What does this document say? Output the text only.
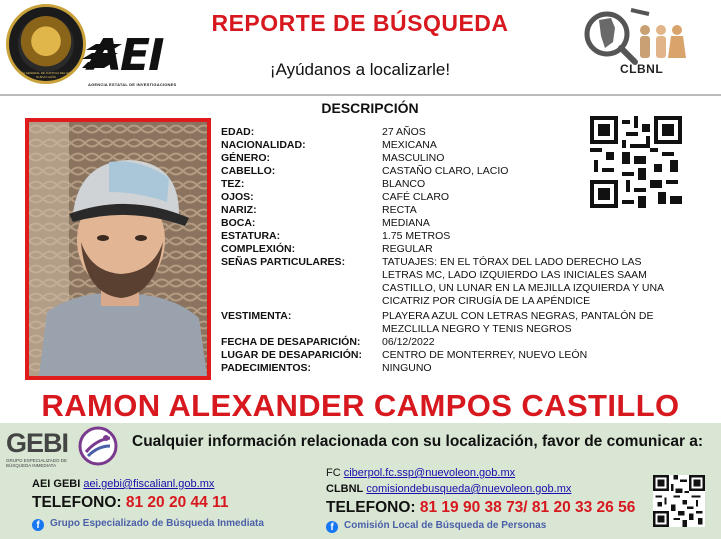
FISCALÍA GENERAL DE JUSTICIA DEL ESTADO · NUEVO LEÓN AEI
AGENCIA ESTATAL DE INVESTIGACIONES
REPORTE DE BÚSQUEDA
¡Ayúdanos a localizarle!	CLBNL
DESCRIPCIÓN
EDAD:	27 AÑOS
NACIONALIDAD:	MEXICANA
GÉNERO:	MASCULINO
CABELLO:	CASTAÑO CLARO, LACIO
TEZ:	BLANCO
OJOS:	CAFÉ CLARO
NARIZ:	RECTA
BOCA:	MEDIANA
ESTATURA:	1.75 METROS
COMPLEXIÓN:	REGULAR
SEÑAS PARTICULARES:	TATUAJES: EN EL TÓRAX DEL LADO DERECHO LAS
LETRAS MC, LADO IZQUIERDO LAS INICIALES SAAM
CASTILLO, UN LUNAR EN LA MEJILLA IZQUIERDA Y UNA
CICATRIZ POR CIRUGÍA DE LA APÉNDICE
VESTIMENTA:	PLAYERA AZUL CON LETRAS NEGRAS, PANTALÓN DE
MEZCLILLA NEGRO Y TENIS NEGROS
FECHA DE DESAPARICIÓN: 06/12/2022
LUGAR DE DESAPARICIÓN: CENTRO DE MONTERREY, NUEVO LEÓN
PADECIMIENTOS:	NINGUNO
RAMON ALEXANDER CAMPOS CASTILLO
GEBI
GRUPO ESPECIALIZADO DE BÚSQUEDA INMEDIATA
Cualquier información relacionada con su localización, favor de comunicar a:
AEI GEBI aei.gebi@fiscalianl.gob.mx
TELEFONO: 81 20 20 44 11
f Grupo Especializado de Búsqueda Inmediata
FC ciberpol.fc.ssp@nuevoleon.gob.mx
CLBNL comisiondebusqueda@nuevoleon.gob.mx
TELEFONO: 81 19 90 38 73/ 81 20 33 26 56
f Comisión Local de Búsqueda de Personas
